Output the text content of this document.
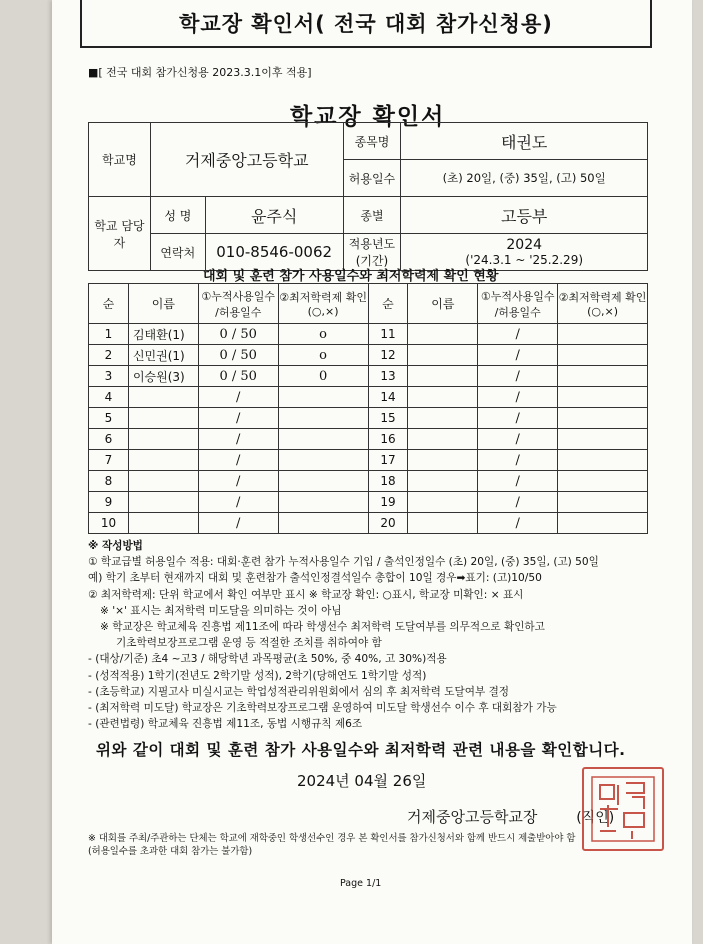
학교장 확인서( 전국 대회 참가신청용)
■[ 전국 대회 참가신청용 2023.3.1이후 적용]
학교장 확인서
학교명	거제중앙고등학교		종목명	태권도
			허용일수	(초) 20일, (중) 35일, (고) 50일
학교 담당자	성 명	윤주식	종별	고등부
	연락처	010-8546-0062	적용년도 (기간)	2024
('24.3.1 ~ '25.2.29)
대회 및 훈련 참가 사용일수와 최저학력제 확인 현황
순	이름	①누적사용일수 /허용일수	②최저학력제 확인(○,×)	순	이름	①누적사용일수 /허용일수	②최저학력제 확인(○,×)
1	김태환(1)	0 / 50	o	11		/	
2	신민권(1)	0 / 50	o	12		/	
3	이승원(3)	0 / 50	0	13		/	
4		/		14		/	
5		/		15		/	
6		/		16		/	
7		/		17		/	
8		/		18		/	
9		/		19		/	
10		/		20		/	
※ 작성방법
① 학교급별 허용일수 적용: 대회·훈련 참가 누적사용일수 기입 / 출석인정일수 (초) 20일, (중) 35일, (고) 50일
예) 학기 초부터 현재까지 대회 및 훈련참가 출석인정결석일수 총합이 10일 경우➡표기: (고)10/50
② 최저학력제: 단위 학교에서 확인 여부만 표시 ※ 학교장 확인: ○표시, 학교장 미확인: × 표시
※ '×' 표시는 최저학력 미도달을 의미하는 것이 아님
※ 학교장은 학교체육 진흥법 제11조에 따라 학생선수 최저학력 도달여부를 의무적으로 확인하고
기초학력보장프로그램 운영 등 적절한 조치를 취하여야 함
- (대상/기준) 초4 ~고3 / 해당학년 과목평균(초 50%, 중 40%, 고 30%)적용
- (성적적용) 1학기(전년도 2학기말 성적), 2학기(당해연도 1학기말 성적)
- (초등학교) 지필고사 미실시교는 학업성적관리위원회에서 심의 후 최저학력 도달여부 결정
- (최저학력 미도달) 학교장은 기초학력보장프로그램 운영하여 미도달 학생선수 이수 후 대회참가 가능
- (관련법령) 학교체육 진흥법 제11조, 동법 시행규칙 제6조
위와 같이 대회 및 훈련 참가 사용일수와 최저학력 관련 내용을 확인합니다.
2024년 04월 26일
거제중앙고등학교장	(직인)
※ 대회를 주최/주관하는 단체는 학교에 재학중인 학생선수인 경우 본 확인서를 참가신청서와 함께 반드시 제출받아야 함
(허용일수를 초과한 대회 참가는 불가함)
Page 1/1
